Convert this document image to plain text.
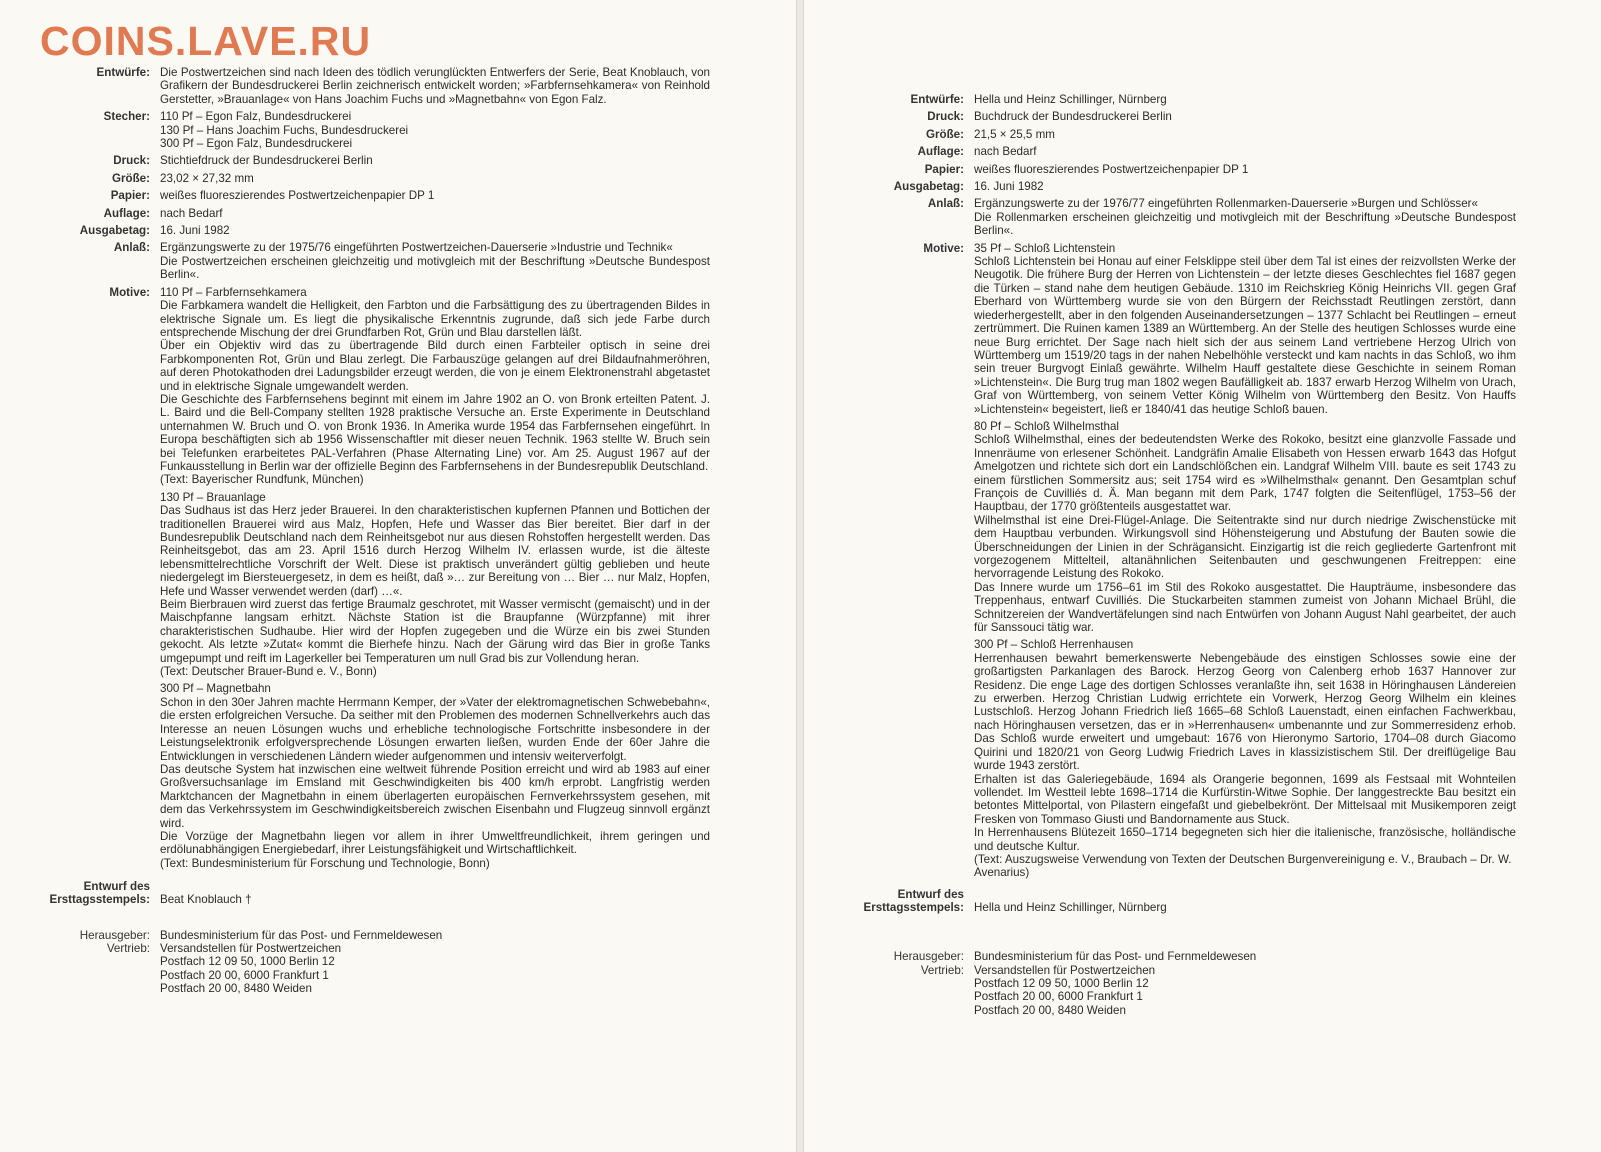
COINS.LAVE.RU
Entwürfe: Die Postwertzeichen sind nach Ideen des tödlich verunglückten Entwerfers der Serie, Beat Knoblauch, von Grafikern der Bundesdruckerei Berlin zeichnerisch entwickelt worden; »Farbfernsehkamera« von Reinhold Gerstetter, »Brauanlage« von Hans Joachim Fuchs und »Magnetbahn« von Egon Falz.
Stecher: 110 Pf – Egon Falz, Bundesdruckerei
130 Pf – Hans Joachim Fuchs, Bundesdruckerei
300 Pf – Egon Falz, Bundesdruckerei
Druck: Stichtiefdruck der Bundesdruckerei Berlin
Größe: 23,02 × 27,32 mm
Papier: weißes fluoreszierendes Postwertzeichenpapier DP 1
Auflage: nach Bedarf
Ausgabetag: 16. Juni 1982
Anlaß: Ergänzungswerte zu der 1975/76 eingeführten Postwertzeichen-Dauerserie »Industrie und Technik«
Die Postwertzeichen erscheinen gleichzeitig und motivgleich mit der Beschriftung »Deutsche Bundespost Berlin«.
Motive: 110 Pf – Farbfernsehkamera
Die Farbkamera wandelt die Helligkeit, den Farbton und die Farbsättigung des zu übertragenden Bildes in elektrische Signale um. Es liegt die physikalische Erkenntnis zugrunde, daß sich jede Farbe durch entsprechende Mischung der drei Grundfarben Rot, Grün und Blau darstellen läßt.
Über ein Objektiv wird das zu übertragende Bild durch einen Farbteiler optisch in seine drei Farbkomponenten Rot, Grün und Blau zerlegt. Die Farbauszüge gelangen auf drei Bildaufnahmeröhren, auf deren Photokathoden drei Ladungsbilder erzeugt werden, die von je einem Elektronenstrahl abgetastet und in elektrische Signale umgewandelt werden.
Die Geschichte des Farbfernsehens beginnt mit einem im Jahre 1902 an O. von Bronk erteilten Patent. J. L. Baird und die Bell-Company stellten 1928 praktische Versuche an. Erste Experimente in Deutschland unternahmen W. Bruch und O. von Bronk 1936. In Amerika wurde 1954 das Farbfernsehen eingeführt. In Europa beschäftigten sich ab 1956 Wissenschaftler mit dieser neuen Technik. 1963 stellte W. Bruch sein bei Telefunken erarbeitetes PAL-Verfahren (Phase Alternating Line) vor. Am 25. August 1967 auf der Funkausstellung in Berlin war der offizielle Beginn des Farbfernsehens in der Bundesrepublik Deutschland.
(Text: Bayerischer Rundfunk, München)
130 Pf – Brauanlage
Das Sudhaus ist das Herz jeder Brauerei. In den charakteristischen kupfernen Pfannen und Bottichen der traditionellen Brauerei wird aus Malz, Hopfen, Hefe und Wasser das Bier bereitet. Bier darf in der Bundesrepublik Deutschland nach dem Reinheitsgebot nur aus diesen Rohstoffen hergestellt werden. Das Reinheitsgebot, das am 23. April 1516 durch Herzog Wilhelm IV. erlassen wurde, ist die älteste lebensmittelrechtliche Vorschrift der Welt. Diese ist praktisch unverändert gültig geblieben und heute niedergelegt im Biersteuergesetz, in dem es heißt, daß »… zur Bereitung von … Bier … nur Malz, Hopfen, Hefe und Wasser verwendet werden (darf) …«.
Beim Bierbrauen wird zuerst das fertige Braumalz geschrotet, mit Wasser vermischt (gemaischt) und in der Maischpfanne langsam erhitzt. Nächste Station ist die Braupfanne (Würzpfanne) mit ihrer charakteristischen Sudhaube. Hier wird der Hopfen zugegeben und die Würze ein bis zwei Stunden gekocht. Als letzte »Zutat« kommt die Bierhefe hinzu. Nach der Gärung wird das Bier in große Tanks umgepumpt und reift im Lagerkeller bei Temperaturen um null Grad bis zur Vollendung heran.
(Text: Deutscher Brauer-Bund e. V., Bonn)
300 Pf – Magnetbahn
Schon in den 30er Jahren machte Herrmann Kemper, der »Vater der elektromagnetischen Schwebebahn«, die ersten erfolgreichen Versuche. Da seither mit den Problemen des modernen Schnellverkehrs auch das Interesse an neuen Lösungen wuchs und erhebliche technologische Fortschritte insbesondere in der Leistungselektronik erfolgversprechende Lösungen erwarten ließen, wurden Ende der 60er Jahre die Entwicklungen in verschiedenen Ländern wieder aufgenommen und intensiv weiterverfolgt.
Das deutsche System hat inzwischen eine weltweit führende Position erreicht und wird ab 1983 auf einer Großversuchsanlage im Emsland mit Geschwindigkeiten bis 400 km/h erprobt. Langfristig werden Marktchancen der Magnetbahn in einem überlagerten europäischen Fernverkehrssystem gesehen, mit dem das Verkehrssystem im Geschwindigkeitsbereich zwischen Eisenbahn und Flugzeug sinnvoll ergänzt wird.
Die Vorzüge der Magnetbahn liegen vor allem in ihrer Umweltfreundlichkeit, ihrem geringen und erdölunabhängigen Energiebedarf, ihrer Leistungsfähigkeit und Wirtschaftlichkeit.
(Text: Bundesministerium für Forschung und Technologie, Bonn)
Entwurf des
Ersttagsstempels: Beat Knoblauch †
Herausgeber:
Vertrieb:
Bundesministerium für das Post- und Fernmeldewesen
Versandstellen für Postwertzeichen
Postfach 12 09 50, 1000 Berlin 12
Postfach 20 00, 6000 Frankfurt 1
Postfach 20 00, 8480 Weiden
Entwürfe: Hella und Heinz Schillinger, Nürnberg
Druck: Buchdruck der Bundesdruckerei Berlin
Größe: 21,5 × 25,5 mm
Auflage: nach Bedarf
Papier: weißes fluoreszierendes Postwertzeichenpapier DP 1
Ausgabetag: 16. Juni 1982
Anlaß: Ergänzungswerte zu der 1976/77 eingeführten Rollenmarken-Dauerserie »Burgen und Schlösser«
Die Rollenmarken erscheinen gleichzeitig und motivgleich mit der Beschriftung »Deutsche Bundespost Berlin«.
Motive: 35 Pf – Schloß Lichtenstein
Schloß Lichtenstein bei Honau auf einer Felsklippe steil über dem Tal ist eines der reizvollsten Werke der Neugotik. Die frühere Burg der Herren von Lichtenstein – der letzte dieses Geschlechtes fiel 1687 gegen die Türken – stand nahe dem heutigen Gebäude. 1310 im Reichskrieg König Heinrichs VII. gegen Graf Eberhard von Württemberg wurde sie von den Bürgern der Reichsstadt Reutlingen zerstört, dann wiederhergestellt, aber in den folgenden Auseinandersetzungen – 1377 Schlacht bei Reutlingen – erneut zertrümmert. Die Ruinen kamen 1389 an Württemberg. An der Stelle des heutigen Schlosses wurde eine neue Burg errichtet. Der Sage nach hielt sich der aus seinem Land vertriebene Herzog Ulrich von Württemberg um 1519/20 tags in der nahen Nebelhöhle versteckt und kam nachts in das Schloß, wo ihm sein treuer Burgvogt Einlaß gewährte. Wilhelm Hauff gestaltete diese Geschichte in seinem Roman »Lichtenstein«. Die Burg trug man 1802 wegen Baufälligkeit ab. 1837 erwarb Herzog Wilhelm von Urach, Graf von Württemberg, von seinem Vetter König Wilhelm von Württemberg den Besitz. Von Hauffs »Lichtenstein« begeistert, ließ er 1840/41 das heutige Schloß bauen.
80 Pf – Schloß Wilhelmsthal
Schloß Wilhelmsthal, eines der bedeutendsten Werke des Rokoko, besitzt eine glanzvolle Fassade und Innenräume von erlesener Schönheit. Landgräfin Amalie Elisabeth von Hessen erwarb 1643 das Hofgut Amelgotzen und richtete sich dort ein Landschlößchen ein. Landgraf Wilhelm VIII. baute es seit 1743 zu einem fürstlichen Sommersitz aus; seit 1754 wird es »Wilhelmsthal« genannt. Den Gesamtplan schuf François de Cuvilliés d. Ä. Man begann mit dem Park, 1747 folgten die Seitenflügel, 1753–56 der Hauptbau, der 1770 größtenteils ausgestattet war.
Wilhelmsthal ist eine Drei-Flügel-Anlage. Die Seitentrakte sind nur durch niedrige Zwischenstücke mit dem Hauptbau verbunden. Wirkungsvoll sind Höhensteigerung und Abstufung der Bauten sowie die Überschneidungen der Linien in der Schrägansicht. Einzigartig ist die reich gegliederte Gartenfront mit vorgezogenem Mittelteil, altanähnlichen Seitenbauten und geschwungenen Freitreppen: eine hervorragende Leistung des Rokoko.
Das Innere wurde um 1756–61 im Stil des Rokoko ausgestattet. Die Haupträume, insbesondere das Treppenhaus, entwarf Cuvilliés. Die Stuckarbeiten stammen zumeist von Johann Michael Brühl, die Schnitzereien der Wandvertäfelungen sind nach Entwürfen von Johann August Nahl gearbeitet, der auch für Sanssouci tätig war.
300 Pf – Schloß Herrenhausen
Herrenhausen bewahrt bemerkenswerte Nebengebäude des einstigen Schlosses sowie eine der großartigsten Parkanlagen des Barock. Herzog Georg von Calenberg erhob 1637 Hannover zur Residenz. Die enge Lage des dortigen Schlosses veranlaßte ihn, seit 1638 in Höringhausen Ländereien zu erwerben. Herzog Christian Ludwig errichtete ein Vorwerk, Herzog Georg Wilhelm ein kleines Lustschloß. Herzog Johann Friedrich ließ 1665–68 Schloß Lauenstadt, einen einfachen Fachwerkbau, nach Höringhausen versetzen, das er in »Herrenhausen« umbenannte und zur Sommerresidenz erhob. Das Schloß wurde erweitert und umgebaut: 1676 von Hieronymo Sartorio, 1704–08 durch Giacomo Quirini und 1820/21 von Georg Ludwig Friedrich Laves in klassizistischem Stil. Der dreiflügelige Bau wurde 1943 zerstört.
Erhalten ist das Galeriegebäude, 1694 als Orangerie begonnen, 1699 als Festsaal mit Wohnteilen vollendet. Im Westteil lebte 1698–1714 die Kurfürstin-Witwe Sophie. Der langgestreckte Bau besitzt ein betontes Mittelportal, von Pilastern eingefaßt und giebelbekrönt. Der Mittelsaal mit Musikemporen zeigt Fresken von Tommaso Giusti und Bandornamente aus Stuck.
In Herrenhausens Blütezeit 1650–1714 begegneten sich hier die italienische, französische, holländische und deutsche Kultur.
(Text: Auszugsweise Verwendung von Texten der Deutschen Burgenvereinigung e. V., Braubach – Dr. W. Avenarius)
Entwurf des
Ersttagsstempels: Hella und Heinz Schillinger, Nürnberg
Herausgeber:
Vertrieb:
Bundesministerium für das Post- und Fernmeldewesen
Versandstellen für Postwertzeichen
Postfach 12 09 50, 1000 Berlin 12
Postfach 20 00, 6000 Frankfurt 1
Postfach 20 00, 8480 Weiden
